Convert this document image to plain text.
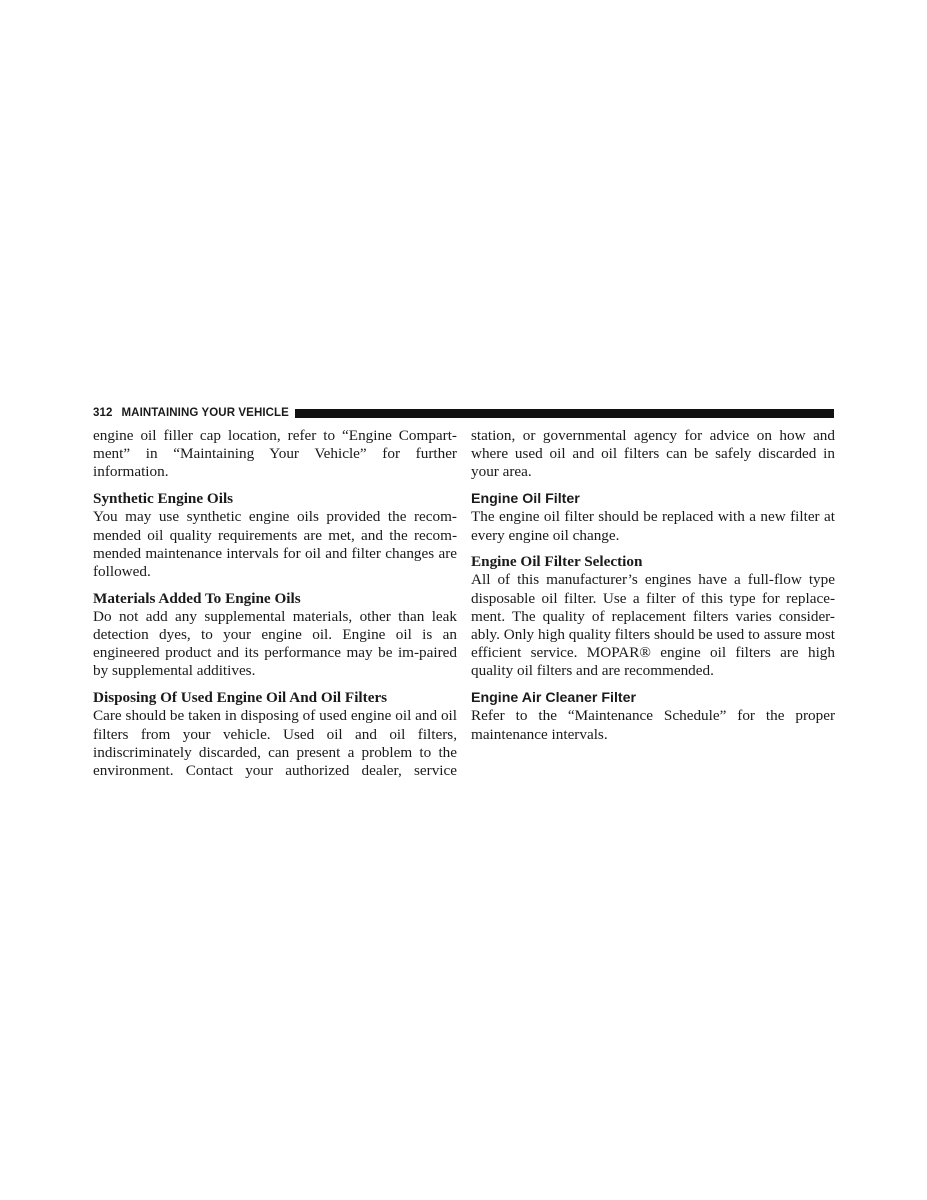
312 MAINTAINING YOUR VEHICLE

engine oil filler cap location, refer to “Engine Compart-ment” in “Maintaining Your Vehicle” for further information.

Synthetic Engine Oils

You may use synthetic engine oils provided the recom-mended oil quality requirements are met, and the recom-mended maintenance intervals for oil and filter changes are followed.

Materials Added To Engine Oils

Do not add any supplemental materials, other than leak detection dyes, to your engine oil. Engine oil is an engineered product and its performance may be im-paired by supplemental additives.

Disposing Of Used Engine Oil And Oil Filters

Care should be taken in disposing of used engine oil and oil filters from your vehicle. Used oil and oil filters, indiscriminately discarded, can present a problem to the environment. Contact your authorized dealer, service

station, or governmental agency for advice on how and where used oil and oil filters can be safely discarded in your area.

Engine Oil Filter

The engine oil filter should be replaced with a new filter at every engine oil change.

Engine Oil Filter Selection

All of this manufacturer’s engines have a full-flow type disposable oil filter. Use a filter of this type for replace-ment. The quality of replacement filters varies consider-ably. Only high quality filters should be used to assure most efficient service. MOPAR® engine oil filters are high quality oil filters and are recommended.

Engine Air Cleaner Filter

Refer to the “Maintenance Schedule” for the proper maintenance intervals.
